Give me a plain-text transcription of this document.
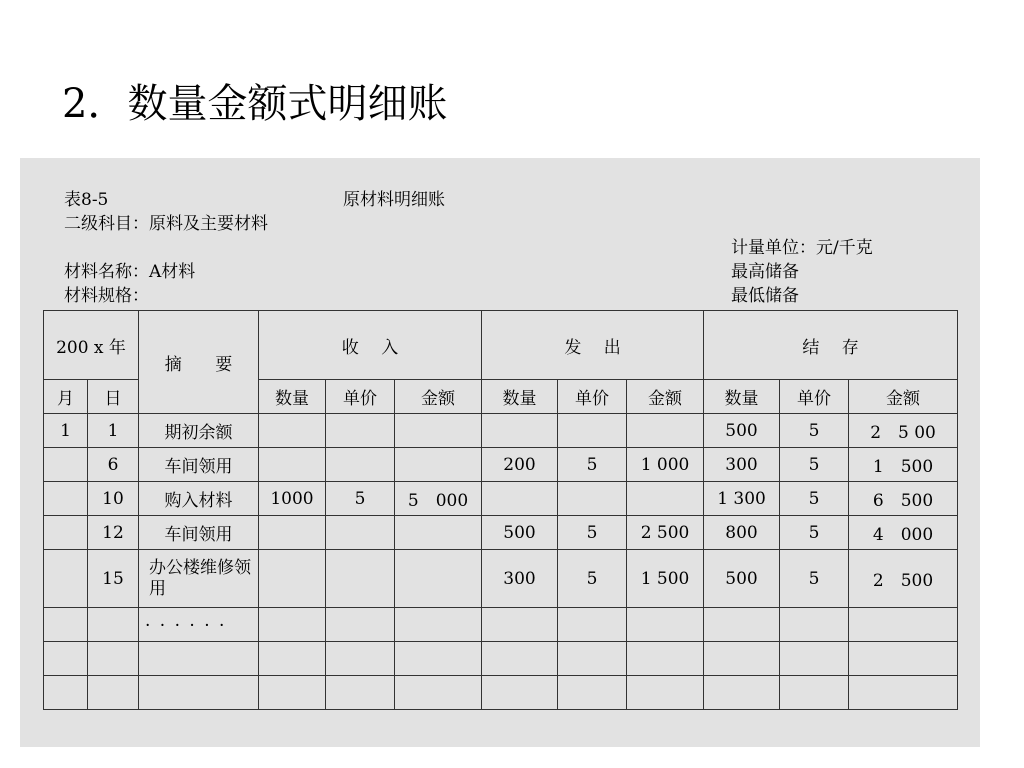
2．数量金额式明细账
表8-5	原材料明细账
二级科目：原料及主要材料
计量单位：元/千克
材料名称：A材料	最高储备
材料规格：	最低储备
200 x 年		摘 要	收　 入			发　 出			结　 存		
月	日		数量	单价	金额	数量	单价	金额	数量	单价	金额
1	1	期初余额							500	5	2　5 00
	6	车间领用				200	5	1 000	300	5	1　500
	10	购入材料	1000	5	5　000				1 300	5	6　500
	12	车间领用				500	5	2 500	800	5	4　000
	15	办公楼维修领用				300	5	1 500	500	5	2　500
		· · · · · ·									
